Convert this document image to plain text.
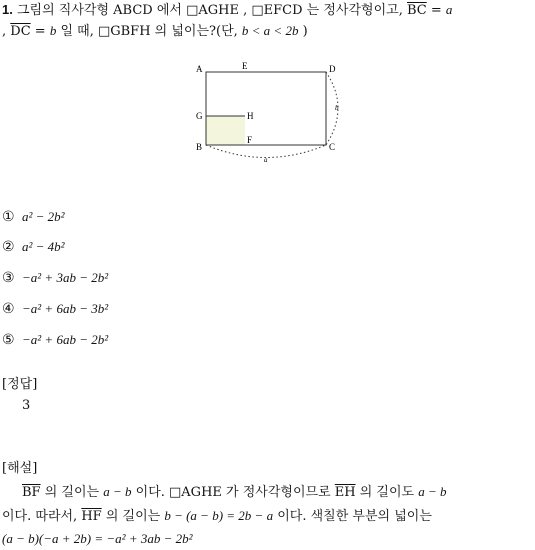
1. 그림의 직사각형 ABCD 에서 □AGHE , □EFCD 는 정사각형이고, $\overline{BC} = a$
, $\overline{DC} = b$ 일 때, □GBFH 의 넓이는?(단, b < a < 2b )
A	E	D
G	H
B
F
C
b
a
① a² − 2b²
② a² − 4b²
③ −a² + 3ab − 2b²
④ −a² + 6ab − 3b²
⑤ −a² + 6ab − 2b²
[정답]
3
[해설]
$\overline{BF}$ 의 길이는 a − b 이다. □AGHE 가 정사각형이므로 $\overline{EH}$ 의 길이도 a − b
이다. 따라서, $\overline{HF}$ 의 길이는 b − (a − b) = 2b − a 이다. 색칠한 부분의 넓이는
(a − b)(−a + 2b) = −a² + 3ab − 2b²
